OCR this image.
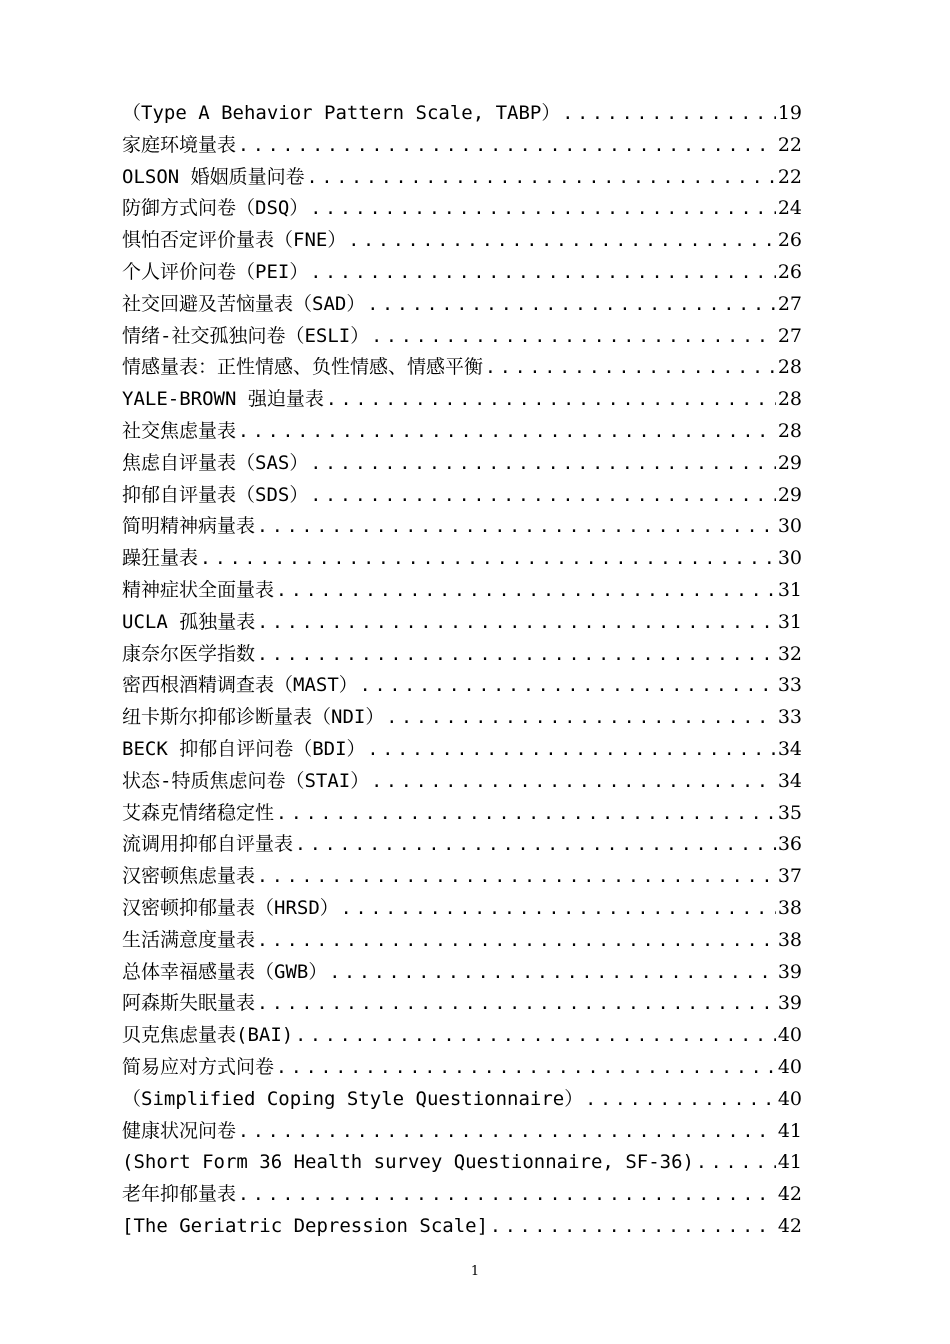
（Type A Behavior Pattern Scale, TABP） .....	19
家庭环境量表 .....	22
OLSON 婚姻质量问卷 .....	22
防御方式问卷（DSQ） .....	24
惧怕否定评价量表（FNE） .....	26
个人评价问卷（PEI） .....	26
社交回避及苦恼量表（SAD） .....	27
情绪-社交孤独问卷（ESLI） .....	27
情感量表：正性情感、负性情感、情感平衡 .....	28
YALE-BROWN 强迫量表 .....	28
社交焦虑量表 .....	28
焦虑自评量表（SAS） .....	29
抑郁自评量表（SDS） .....	29
简明精神病量表 .....	30
躁狂量表 .....	30
精神症状全面量表 .....	31
UCLA 孤独量表 .....	31
康奈尔医学指数 .....	32
密西根酒精调查表（MAST） .....	33
纽卡斯尔抑郁诊断量表（NDI） .....	33
BECK 抑郁自评问卷（BDI） .....	34
状态-特质焦虑问卷（STAI） .....	34
艾森克情绪稳定性 .....	35
流调用抑郁自评量表 .....	36
汉密顿焦虑量表 .....	37
汉密顿抑郁量表（HRSD） .....	38
生活满意度量表 .....	38
总体幸福感量表（GWB） .....	39
阿森斯失眠量表 .....	39
贝克焦虑量表(BAI) .....	40
简易应对方式问卷 .....	40
（Simplified Coping Style Questionnaire） .....	40
健康状况问卷 .....	41
(Short Form 36 Health survey Questionnaire, SF-36) .....	41
老年抑郁量表 .....	42
[The Geriatric Depression Scale] .....	42
1
